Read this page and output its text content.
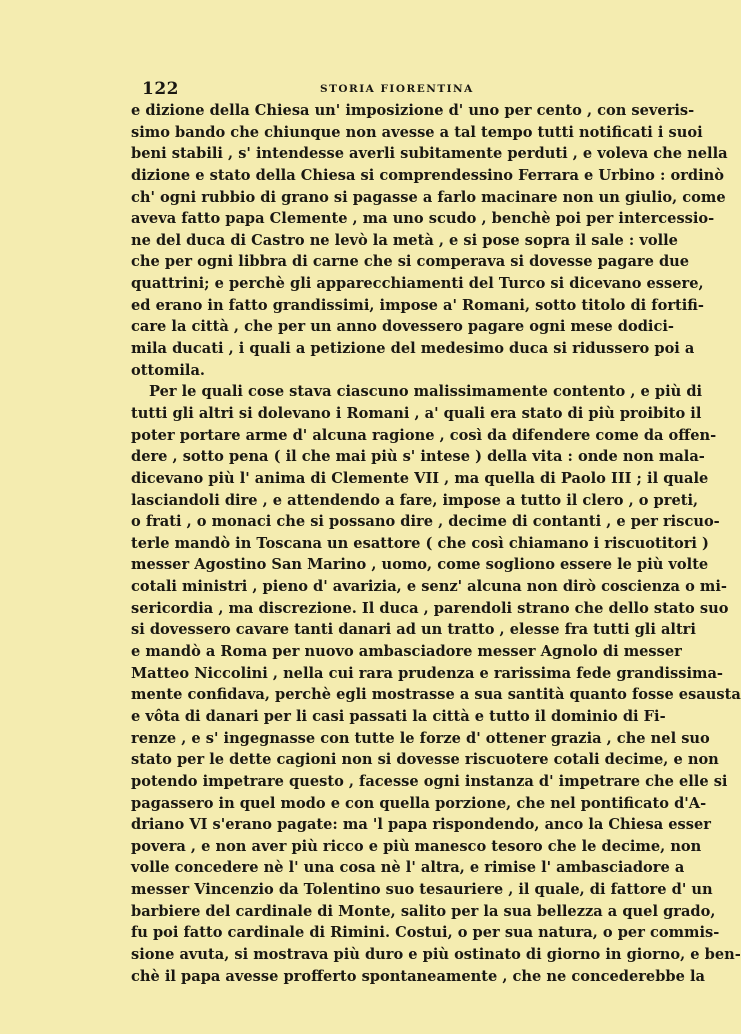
122	STORIA FIORENTINA
e dizione della Chiesa un' imposizione d' uno per cento , con severis-
simo bando che chiunque non avesse a tal tempo tutti notificati i suoi
beni stabili , s' intendesse averli subitamente perduti , e voleva che nella
dizione e stato della Chiesa si comprendessino Ferrara e Urbino : ordinò
ch' ogni rubbio di grano si pagasse a farlo macinare non un giulio, come
aveva fatto papa Clemente , ma uno scudo , benchè poi per intercessio-
ne del duca di Castro ne levò la metà , e si pose sopra il sale : volle
che per ogni libbra di carne che si comperava si dovesse pagare due
quattrini; e perchè gli apparecchiamenti del Turco si dicevano essere,
ed erano in fatto grandissimi, impose a' Romani, sotto titolo di fortifi-
care la città , che per un anno dovessero pagare ogni mese dodici-
mila ducati , i quali a petizione del medesimo duca si ridussero poi a
ottomila.
Per le quali cose stava ciascuno malissimamente contento , e più di
tutti gli altri si dolevano i Romani , a' quali era stato di più proibito il
poter portare arme d' alcuna ragione , così da difendere come da offen-
dere , sotto pena ( il che mai più s' intese ) della vita : onde non mala-
dicevano più l' anima di Clemente VII , ma quella di Paolo III ; il quale
lasciandoli dire , e attendendo a fare, impose a tutto il clero , o preti,
o frati , o monaci che si possano dire , decime di contanti , e per riscuo-
terle mandò in Toscana un esattore ( che così chiamano i riscuotitori )
messer Agostino San Marino , uomo, come sogliono essere le più volte
cotali ministri , pieno d' avarizia, e senz' alcuna non dirò coscienza o mi-
sericordia , ma discrezione. Il duca , parendoli strano che dello stato suo
si dovessero cavare tanti danari ad un tratto , elesse fra tutti gli altri
e mandò a Roma per nuovo ambasciadore messer Agnolo di messer
Matteo Niccolini , nella cui rara prudenza e rarissima fede grandissima-
mente confidava, perchè egli mostrasse a sua santità quanto fosse esausta
e vôta di danari per li casi passati la città e tutto il dominio di Fi-
renze , e s' ingegnasse con tutte le forze d' ottener grazia , che nel suo
stato per le dette cagioni non si dovesse riscuotere cotali decime, e non
potendo impetrare questo , facesse ogni instanza d' impetrare che elle si
pagassero in quel modo e con quella porzione, che nel pontificato d'A-
driano VI s'erano pagate: ma 'l papa rispondendo, anco la Chiesa esser
povera , e non aver più ricco e più manesco tesoro che le decime, non
volle concedere nè l' una cosa nè l' altra, e rimise l' ambasciadore a
messer Vincenzio da Tolentino suo tesauriere , il quale, di fattore d' un
barbiere del cardinale di Monte, salito per la sua bellezza a quel grado,
fu poi fatto cardinale di Rimini. Costui, o per sua natura, o per commis-
sione avuta, si mostrava più duro e più ostinato di giorno in giorno, e ben-
chè il papa avesse profferto spontaneamente , che ne concederebbe la
